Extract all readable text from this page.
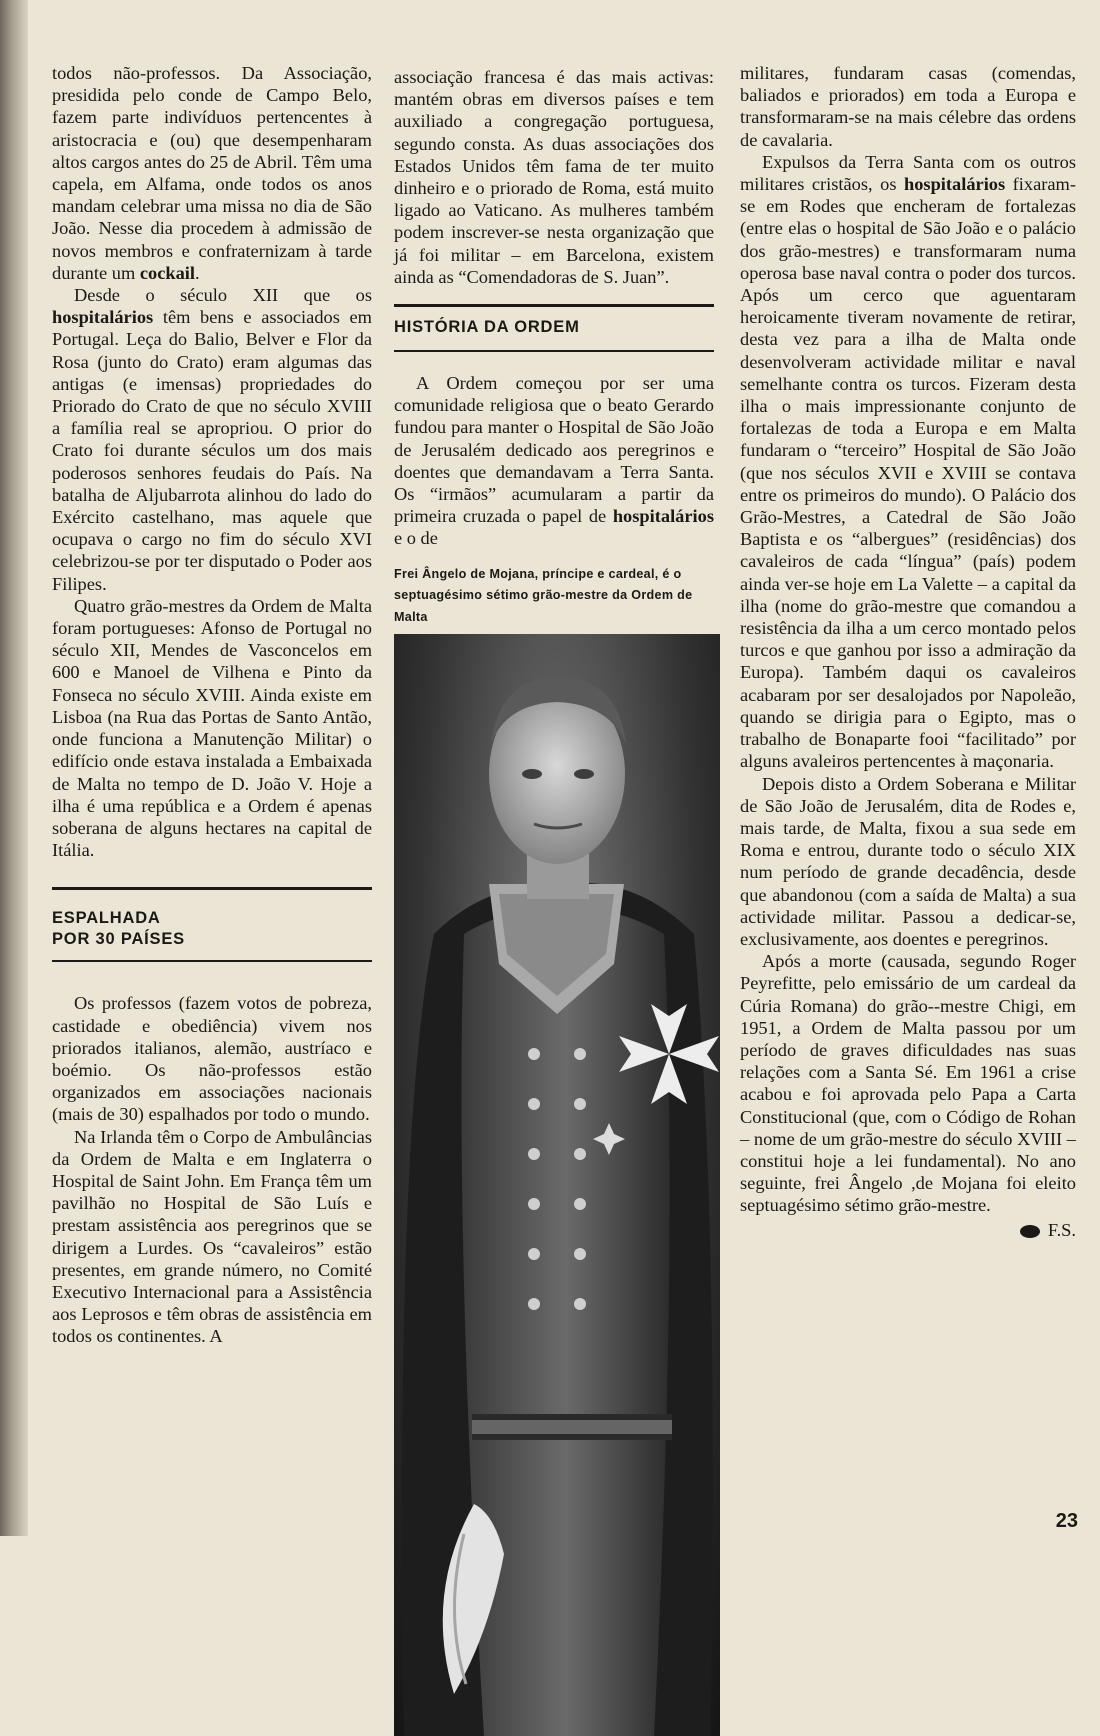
todos não-professos. Da Associação, presidida pelo conde de Campo Belo, fazem parte indivíduos pertencentes à aristocracia e (ou) que desempenharam altos cargos antes do 25 de Abril. Têm uma capela, em Alfama, onde todos os anos mandam celebrar uma missa no dia de São João. Nesse dia procedem à admissão de novos membros e confraternizam à tarde durante um cockail.

Desde o século XII que os hospitalários têm bens e associados em Portugal. Leça do Balio, Belver e Flor da Rosa (junto do Crato) eram algumas das antigas (e imensas) propriedades do Priorado do Crato de que no século XVIII a família real se apropriou. O prior do Crato foi durante séculos um dos mais poderosos senhores feudais do País. Na batalha de Aljubarrota alinhou do lado do Exército castelhano, mas aquele que ocupava o cargo no fim do século XVI celebrizou-se por ter disputado o Poder aos Filipes.

Quatro grão-mestres da Ordem de Malta foram portugueses: Afonso de Portugal no século XII, Mendes de Vasconcelos em 600 e Manoel de Vilhena e Pinto da Fonseca no século XVIII. Ainda existe em Lisboa (na Rua das Portas de Santo Antão, onde funciona a Manutenção Militar) o edifício onde estava instalada a Embaixada de Malta no tempo de D. João V. Hoje a ilha é uma república e a Ordem é apenas soberana de alguns hectares na capital de Itália.

ESPALHADA
POR 30 PAÍSES

Os professos (fazem votos de pobreza, castidade e obediência) vivem nos priorados italianos, alemão, austríaco e boémio. Os não-professos estão organizados em associações nacionais (mais de 30) espalhados por todo o mundo.

Na Irlanda têm o Corpo de Ambulâncias da Ordem de Malta e em Inglaterra o Hospital de Saint John. Em França têm um pavilhão no Hospital de São Luís e prestam assistência aos peregrinos que se dirigem a Lurdes. Os “cavaleiros” estão presentes, em grande número, no Comité Executivo Internacional para a Assistência aos Leprosos e têm obras de assistência em todos os continentes. A

associação francesa é das mais activas: mantém obras em diversos países e tem auxiliado a congregação portuguesa, segundo consta. As duas associações dos Estados Unidos têm fama de ter muito dinheiro e o priorado de Roma, está muito ligado ao Vaticano. As mulheres também podem inscrever-se nesta organização que já foi militar – em Barcelona, existem ainda as “Comendadoras de S. Juan”.

HISTÓRIA DA ORDEM

A Ordem começou por ser uma comunidade religiosa que o beato Gerardo fundou para manter o Hospital de São João de Jerusalém dedicado aos peregrinos e doentes que demandavam a Terra Santa. Os “irmãos” acumularam a partir da primeira cruzada o papel de hospitalários e o de

Frei Ângelo de Mojana, príncipe e cardeal, é o septuagésimo sétimo grão-mestre da Ordem de Malta

militares, fundaram casas (comendas, baliados e priorados) em toda a Europa e transformaram-se na mais célebre das ordens de cavalaria.

Expulsos da Terra Santa com os outros militares cristãos, os hospitalários fixaram-se em Rodes que encheram de fortalezas (entre elas o hospital de São João e o palácio dos grão-mestres) e transformaram numa operosa base naval contra o poder dos turcos. Após um cerco que aguentaram heroicamente tiveram novamente de retirar, desta vez para a ilha de Malta onde desenvolveram actividade militar e naval semelhante contra os turcos. Fizeram desta ilha o mais impressionante conjunto de fortalezas de toda a Europa e em Malta fundaram o “terceiro” Hospital de São João (que nos séculos XVII e XVIII se contava entre os primeiros do mundo). O Palácio dos Grão-Mestres, a Catedral de São João Baptista e os “albergues” (residências) dos cavaleiros de cada “língua” (país) podem ainda ver-se hoje em La Valette – a capital da ilha (nome do grão-mestre que comandou a resistência da ilha a um cerco montado pelos turcos e que ganhou por isso a admiração da Europa). Também daqui os cavaleiros acabaram por ser desalojados por Napoleão, quando se dirigia para o Egipto, mas o trabalho de Bonaparte fooi “facilitado” por alguns avaleiros pertencentes à maçonaria.

Depois disto a Ordem Soberana e Militar de São João de Jerusalém, dita de Rodes e, mais tarde, de Malta, fixou a sua sede em Roma e entrou, durante todo o século XIX num período de grande decadência, desde que abandonou (com a saída de Malta) a sua actividade militar. Passou a dedicar-se, exclusivamente, aos doentes e peregrinos.

Após a morte (causada, segundo Roger Peyrefitte, pelo emissário de um cardeal da Cúria Romana) do grão--mestre Chigi, em 1951, a Ordem de Malta passou por um período de graves dificuldades nas suas relações com a Santa Sé. Em 1961 a crise acabou e foi aprovada pelo Papa a Carta Constitucional (que, com o Código de Rohan – nome de um grão-mestre do século XVIII – constitui hoje a lei fundamental). No ano seguinte, frei Ângelo ,de Mojana foi eleito septuagésimo sétimo grão-mestre.

F.S.
23
